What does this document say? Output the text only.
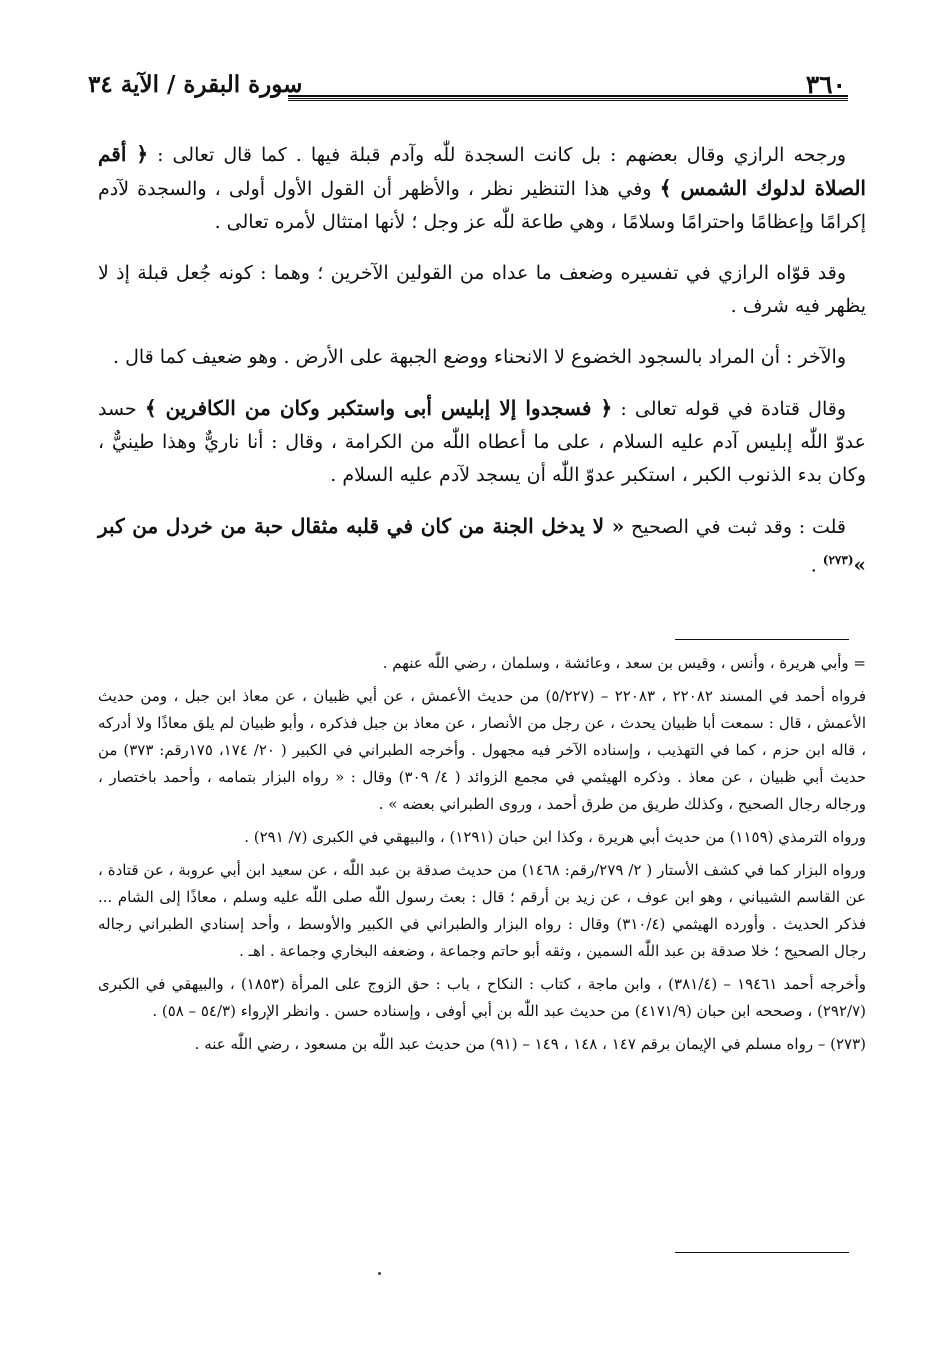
٣٦٠
سورة البقرة / الآية ٣٤

ورجحه الرازي وقال بعضهم : بل كانت السجدة للّٰه وآدم قبلة فيها . كما قال تعالى : ﴿ أقم الصلاة لدلوك الشمس ﴾ وفي هذا التنظير نظر ، والأظهر أن القول الأول أولى ، والسجدة لآدم إكرامًا وإعظامًا واحترامًا وسلامًا ، وهي طاعة للّٰه عز وجل ؛ لأنها امتثال لأمره تعالى .

وقد قوّاه الرازي في تفسيره وضعف ما عداه من القولين الآخرين ؛ وهما : كونه جُعل قبلة إذ لا يظهر فيه شرف .

والآخر : أن المراد بالسجود الخضوع لا الانحناء ووضع الجبهة على الأرض . وهو ضعيف كما قال .

وقال قتادة في قوله تعالى : ﴿ فسجدوا إلا إبليس أبى واستكبر وكان من الكافرين ﴾ حسد عدوّ اللّٰه إبليس آدم عليه السلام ، على ما أعطاه اللّٰه من الكرامة ، وقال : أنا ناريٌّ وهذا طينيٌّ ، وكان بدء الذنوب الكبر ، استكبر عدوّ اللّٰه أن يسجد لآدم عليه السلام .

قلت : وقد ثبت في الصحيح « لا يدخل الجنة من كان في قلبه مثقال حبة من خردل من كبر »$^{(٢٧٣)}$ .

= وأبي هريرة ، وأنس ، وقيس بن سعد ، وعائشة ، وسلمان ، رضي اللّٰه عنهم .

فرواه أحمد في المسند ٢٢٠٨٢ ، ٢٢٠٨٣ – (٥/٢٢٧) من حديث الأعمش ، عن أبي ظبيان ، عن معاذ ابن جبل ، ومن حديث الأعمش ، قال : سمعت أبا ظبيان يحدث ، عن رجل من الأنصار ، عن معاذ بن جبل فذكره ، وأبو ظبيان لم يلق معاذًا ولا أدركه ، قاله ابن حزم ، كما في التهذيب ، وإسناده الآخر فيه مجهول . وأخرجه الطبراني في الكبير ( ٢٠/ ١٧٤، ١٧٥رقم: ٣٧٣) من حديث أبي ظبيان ، عن معاذ . وذكره الهيثمي في مجمع الزوائد ( ٤/ ٣٠٩) وقال : « رواه البزار بتمامه ، وأحمد باختصار ، ورجاله رجال الصحيح ، وكذلك طريق من طرق أحمد ، وروى الطبراني بعضه » .

ورواه الترمذي (١١٥٩) من حديث أبي هريرة ، وكذا ابن حبان (١٢٩١) ، والبيهقي في الكبرى (٧/ ٢٩١) .

ورواه البزار كما في كشف الأستار ( ٢/ ٢٧٩/رقم: ١٤٦٨) من حديث صدقة بن عبد اللّٰه ، عن سعيد ابن أبي عروبة ، عن قتادة ، عن القاسم الشيباني ، وهو ابن عوف ، عن زيد بن أرقم ؛ قال : بعث رسول اللّٰه صلى اللّٰه عليه وسلم ، معاذًا إلى الشام ... فذكر الحديث . وأورده الهيثمي (٣١٠/٤) وقال : رواه البزار والطبراني في الكبير والأوسط ، وأحد إسنادي الطبراني رجاله رجال الصحيح ؛ خلا صدقة بن عبد اللّٰه السمين ، وثقه أبو حاتم وجماعة ، وضعفه البخاري وجماعة . اهـ .

وأخرجه أحمد ١٩٤٦١ – (٣٨١/٤) ، وابن ماجة ، كتاب : النكاح ، باب : حق الزوج على المرأة (١٨٥٣) ، والبيهقي في الكبرى (٢٩٢/٧) ، وصححه ابن حبان (٤١٧١/٩) من حديث عبد اللّٰه بن أبي أوفى ، وإسناده حسن . وانظر الإرواء (٥٤/٣ – ٥٨) .

(٢٧٣) – رواه مسلم في الإيمان برقم ١٤٧ ، ١٤٨ ، ١٤٩ – (٩١) من حديث عبد اللّٰه بن مسعود ، رضي اللّٰه عنه .
